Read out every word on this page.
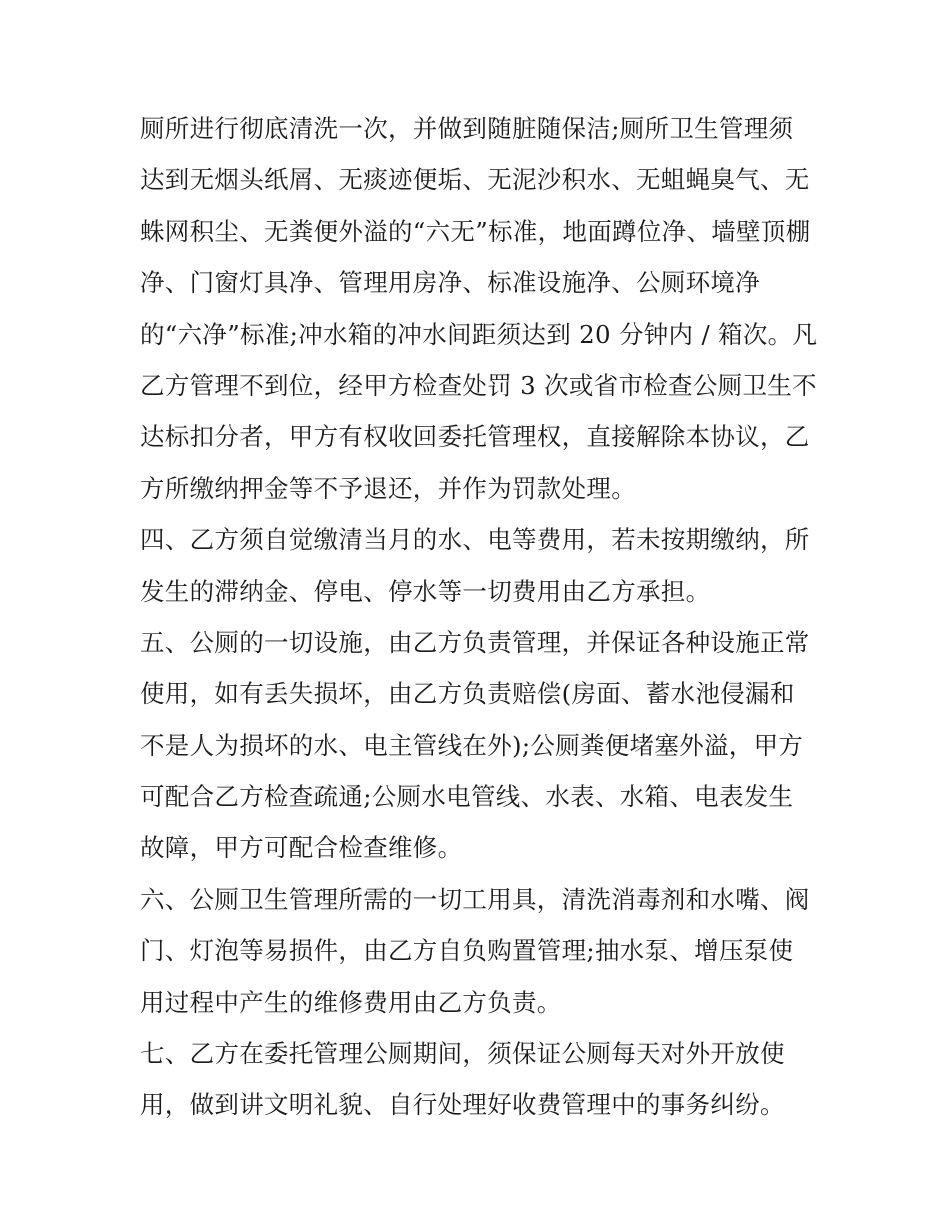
厕所进行彻底清洗一次，并做到随脏随保洁;厕所卫生管理须
达到无烟头纸屑、无痰迹便垢、无泥沙积水、无蛆蝇臭气、无
蛛网积尘、无粪便外溢的“六无”标准，地面蹲位净、墙壁顶棚
净、门窗灯具净、管理用房净、标准设施净、公厕环境净
的“六净”标准;冲水箱的冲水间距须达到 20 分钟内 / 箱次。凡
乙方管理不到位，经甲方检查处罚 3 次或省市检查公厕卫生不
达标扣分者，甲方有权收回委托管理权，直接解除本协议，乙
方所缴纳押金等不予退还，并作为罚款处理。
四、乙方须自觉缴清当月的水、电等费用，若未按期缴纳，所
发生的滞纳金、停电、停水等一切费用由乙方承担。
五、公厕的一切设施，由乙方负责管理，并保证各种设施正常
使用，如有丢失损坏，由乙方负责赔偿(房面、蓄水池侵漏和
不是人为损坏的水、电主管线在外);公厕粪便堵塞外溢，甲方
可配合乙方检查疏通;公厕水电管线、水表、水箱、电表发生
故障，甲方可配合检查维修。
六、公厕卫生管理所需的一切工用具，清洗消毒剂和水嘴、阀
门、灯泡等易损件，由乙方自负购置管理;抽水泵、增压泵使
用过程中产生的维修费用由乙方负责。
七、乙方在委托管理公厕期间，须保证公厕每天对外开放使
用，做到讲文明礼貌、自行处理好收费管理中的事务纠纷。
